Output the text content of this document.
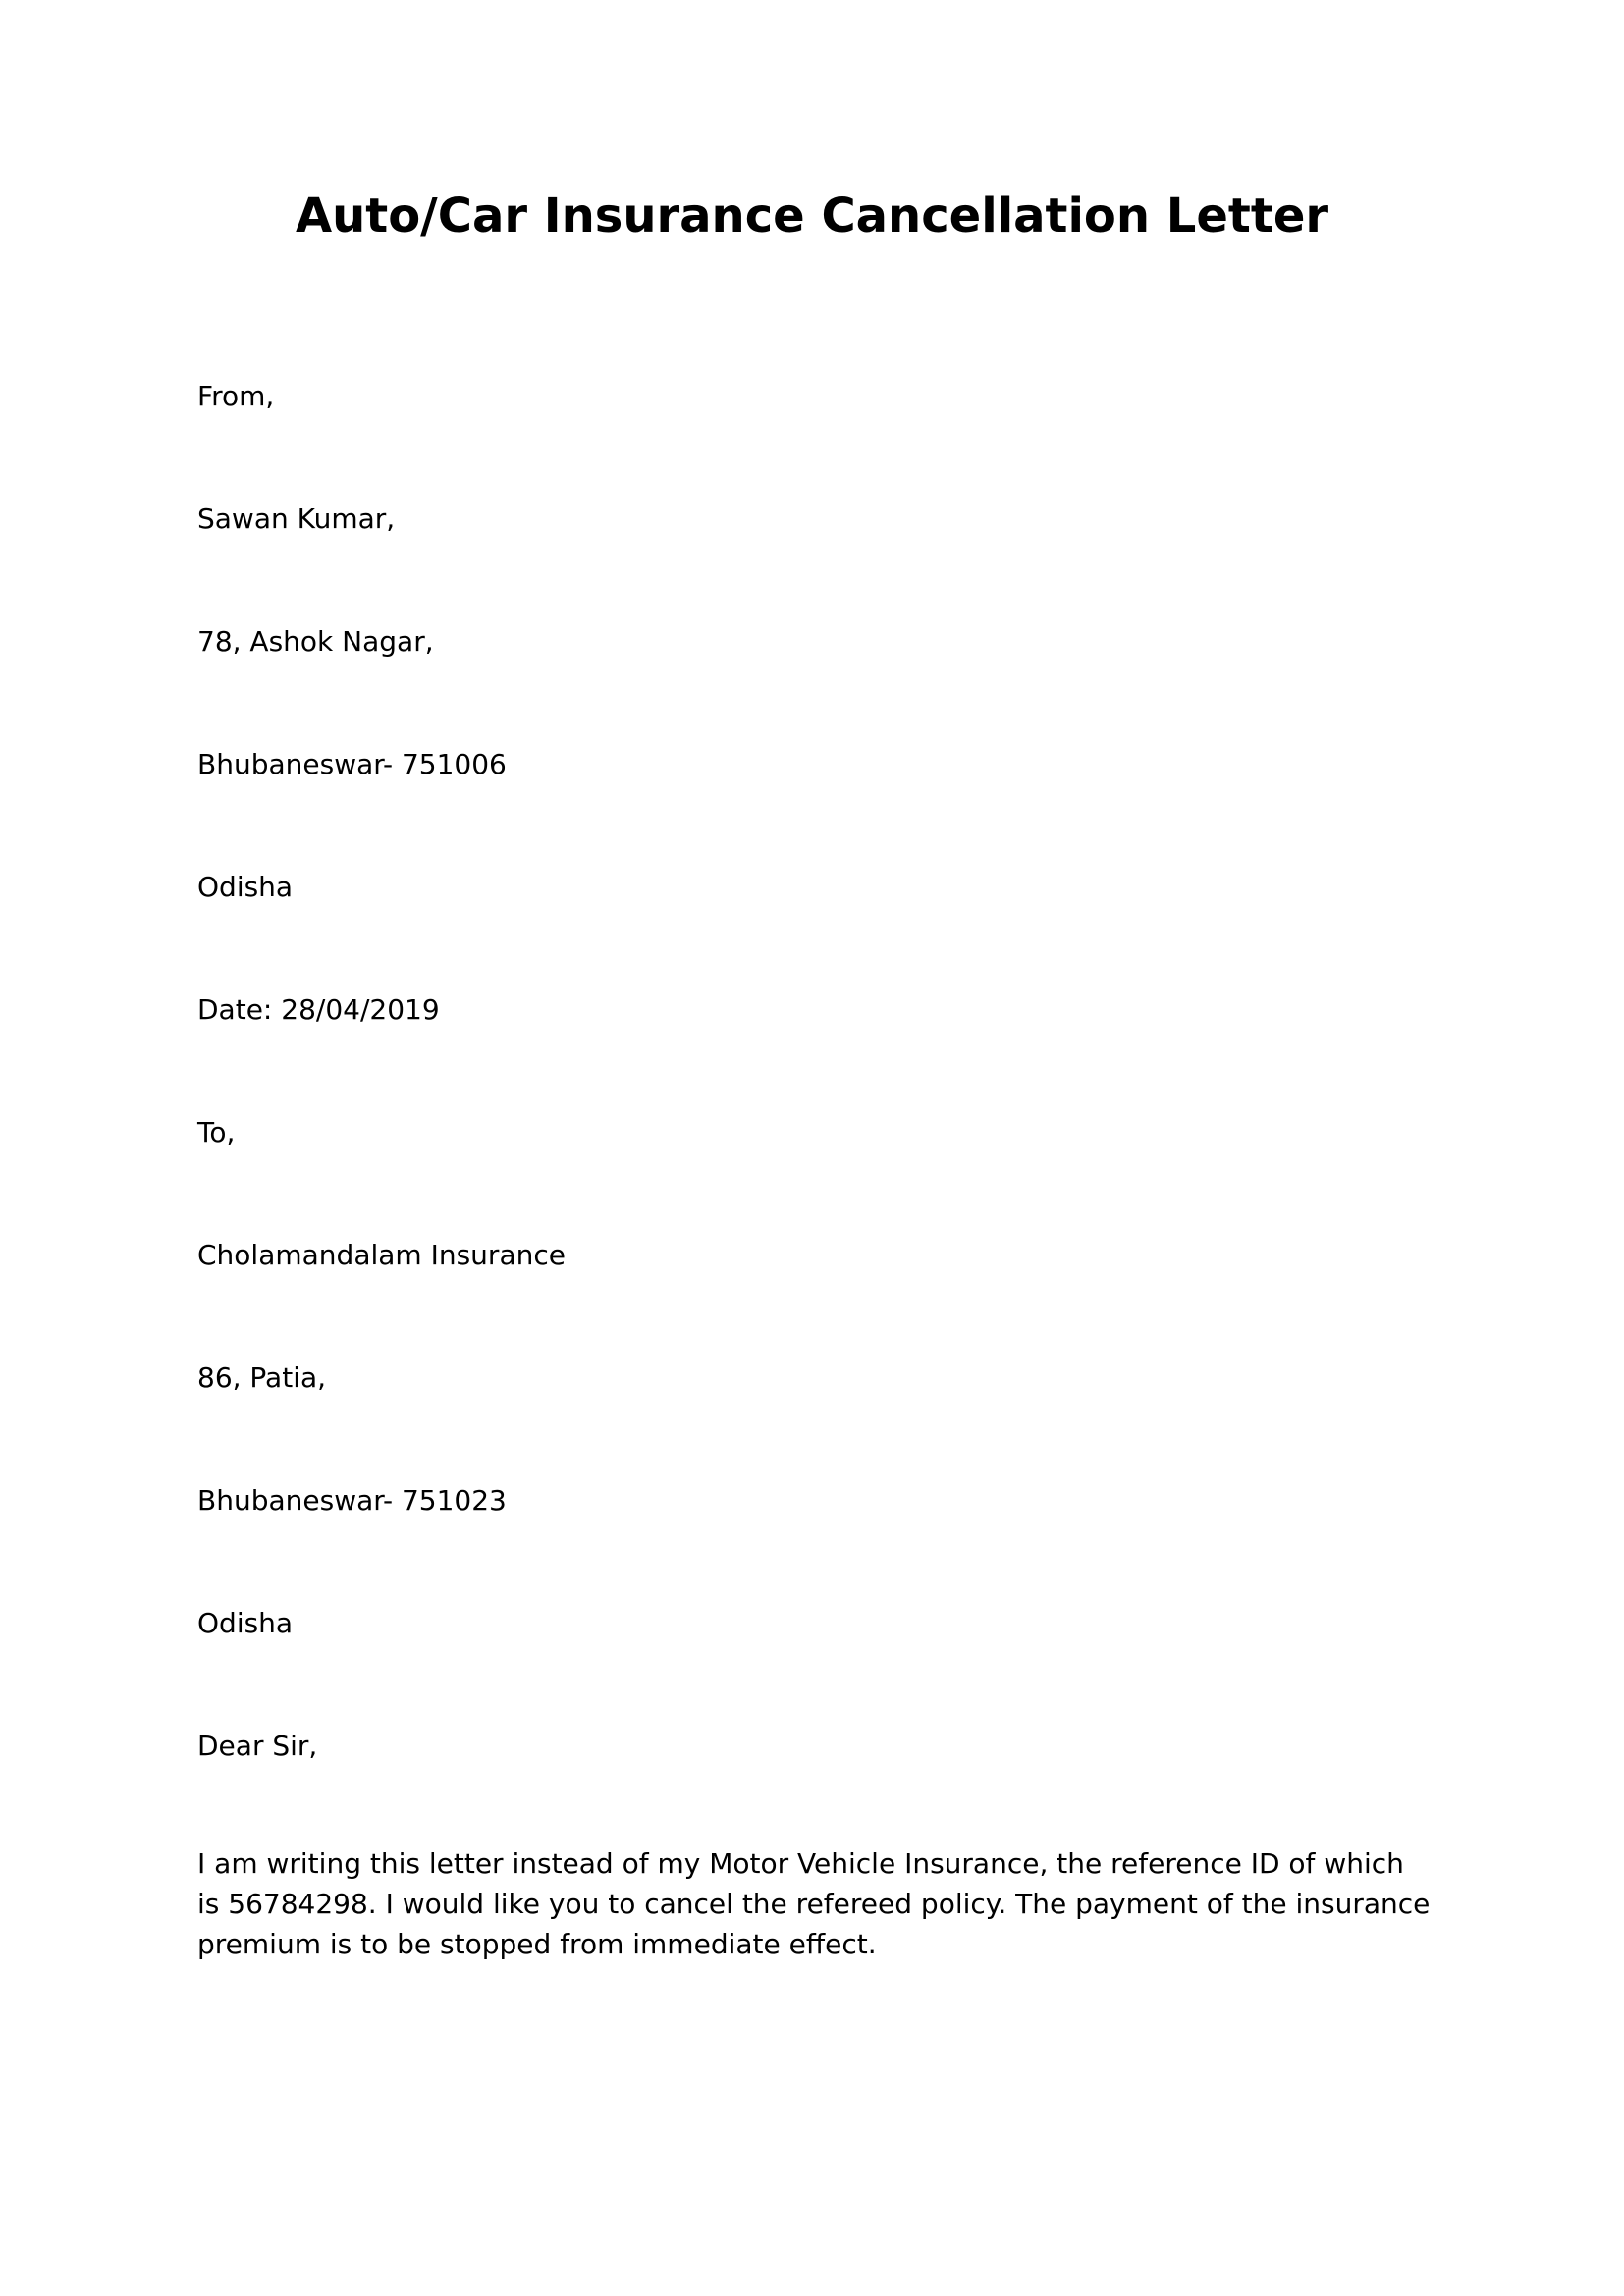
Auto/Car Insurance Cancellation Letter

From,

Sawan Kumar,

78, Ashok Nagar,

Bhubaneswar- 751006

Odisha

Date: 28/04/2019

To,

Cholamandalam Insurance

86, Patia,

Bhubaneswar- 751023

Odisha

Dear Sir,

I am writing this letter instead of my Motor Vehicle Insurance, the reference ID of which is 56784298. I would like you to cancel the refereed policy. The payment of the insurance premium is to be stopped from immediate effect.
